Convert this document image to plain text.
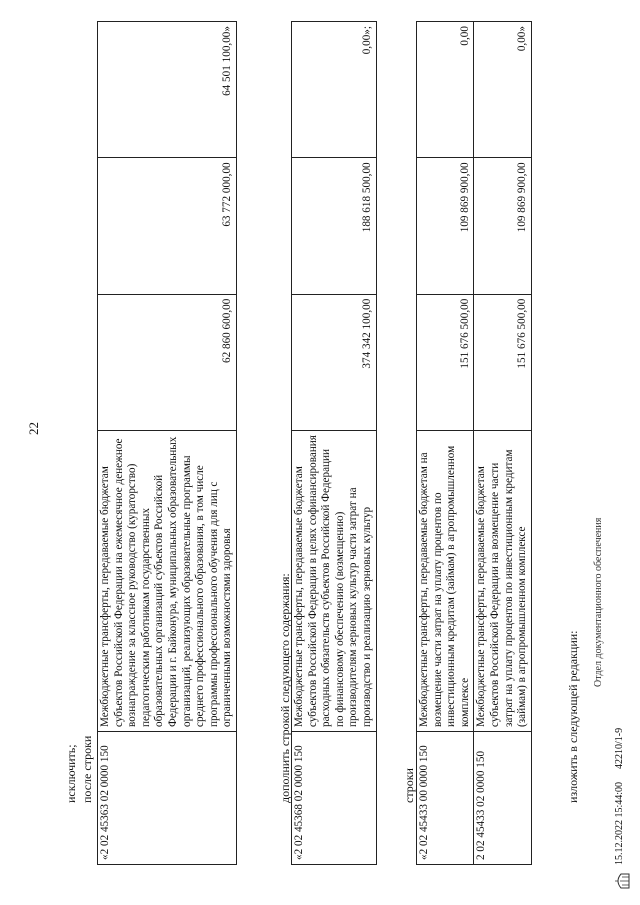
22
исключить; после строки «2 02 45363 02 0000 150	Межбюджетные трансферты, передаваемые бюджетам субъектов Российской Федерации на ежемесячное денежное вознаграждение за классное руководство (кураторство) педагогическим работникам государственных образовательных организаций субъектов Российской Федерации и г. Байконура, муниципальных образовательных организаций, реализующих образовательные программы среднего профессионального образования, в том числе программы профессионального обучения для лиц с ограниченными возможностями здоровья	62 860 600,00	63 772 000,00	64 501 100,00»
дополнить строкой следующего содержания: «2 02 45368 02 0000 150	Межбюджетные трансферты, передаваемые бюджетам субъектов Российской Федерации в целях софинансирования расходных обязательств субъектов Российской Федерации по финансовому обеспечению (возмещению) производителям зерновых культур части затрат на производство и реализацию зерновых культур	374 342 100,00	188 618 500,00	0,00»;
строки «2 02 45433 00 0000 150	Межбюджетные трансферты, передаваемые бюджетам на возмещение части затрат на уплату процентов по инвестиционным кредитам (займам) в агропромышленном комплексе	151 676 500,00	109 869 900,00	0,00
2 02 45433 02 0000 150	Межбюджетные трансферты, передаваемые бюджетам субъектов Российской Федерации на возмещение части затрат на уплату процентов по инвестиционным кредитам (займам) в агропромышленном комплексе	151 676 500,00	109 869 900,00	0,00»
изложить в следующей редакции:
15.12.2022 15:44:00
42210/1-9
Отдел документационного обеспечения
